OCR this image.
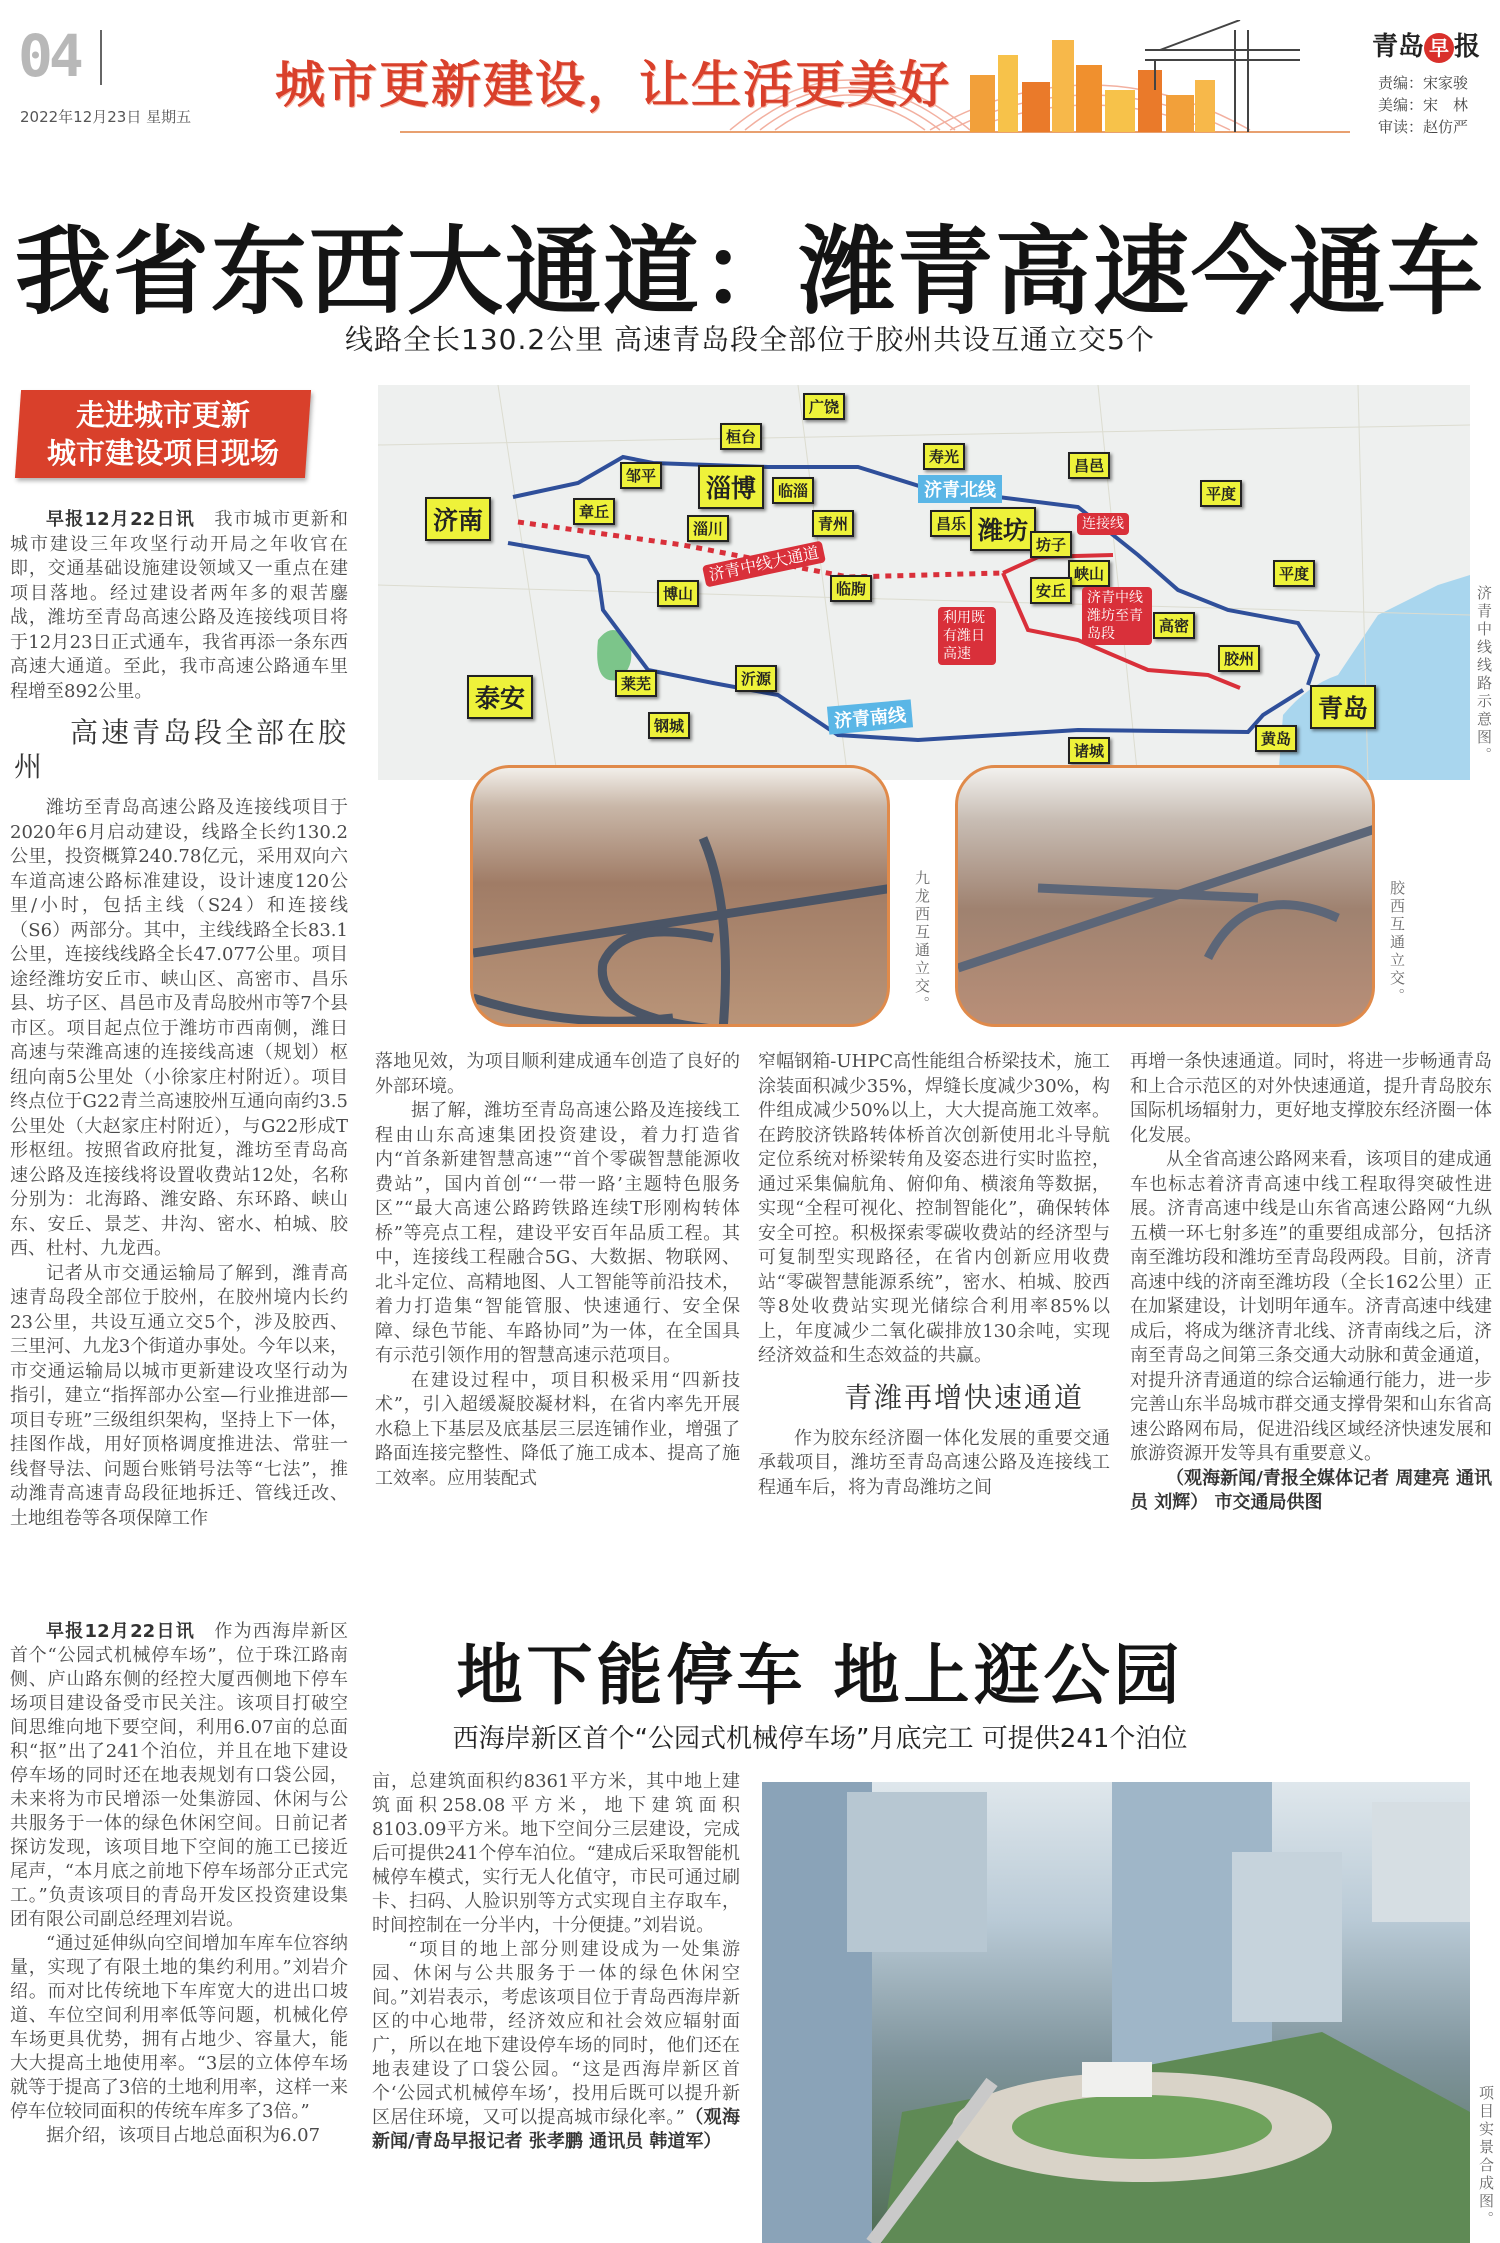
04
2022年12月23日 星期五
城市更新建设，让生活更美好
青岛 早 报
责编：宋家骏
美编：宋　林
审读：赵仿严
我省东西大通道：潍青高速今通车
线路全长130.2公里 高速青岛段全部位于胶州共设互通立交5个
走进城市更新
城市建设项目现场

早报12月22日讯　 我市城市更新和城市建设三年攻坚行动开局之年收官在即，交通基础设施建设领域又一重点在建项目落地。经过建设者两年多的艰苦鏖战，潍坊至青岛高速公路及连接线项目将于12月23日正式通车，我省再添一条东西高速大通道。至此，我市高速公路通车里程增至892公里。

高速青岛段全部在胶州

潍坊至青岛高速公路及连接线项目于2020年6月启动建设，线路全长约130.2公里，投资概算240.78亿元，采用双向六车道高速公路标准建设，设计速度120公里/小时，包括主线（S24）和连接线（S6）两部分。其中，主线线路全长83.1公里，连接线线路全长47.077公里。项目途经潍坊安丘市、峡山区、高密市、昌乐县、坊子区、昌邑市及青岛胶州市等7个县市区。项目起点位于潍坊市西南侧，潍日高速与荣潍高速的连接线高速（规划）枢纽向南5公里处（小徐家庄村附近）。项目终点位于G22青兰高速胶州互通向南约3.5公里处（大赵家庄村附近），与G22形成T形枢纽。按照省政府批复，潍坊至青岛高速公路及连接线将设置收费站12处，名称分别为：北海路、潍安路、东环路、峡山东、安丘、景芝、井沟、密水、柏城、胶西、杜村、九龙西。

记者从市交通运输局了解到，潍青高速青岛段全部位于胶州，在胶州境内长约23公里，共设互通立交5个，涉及胶西、三里河、九龙3个街道办事处。今年以来，市交通运输局以城市更新建设攻坚行动为指引，建立“指挥部办公室—行业推进部—项目专班”三级组织架构，坚持上下一体，挂图作战，用好顶格调度推进法、常驻一线督导法、问题台账销号法等“七法”，推动潍青高速青岛段征地拆迁、管线迁改、土地组卷等各项保障工作

济南
泰安
章丘
邹平	淄博
桓台
广饶
临淄
淄川	青州
博山	临朐
莱芜	沂源
钢城
寿光
昌乐 潍坊 坊子
昌邑
平度
峡山
安丘
平度
高密
胶州
青岛
黄岛
诸城
济青北线
济青南线
济青中线大通道
连接线
济青中线潍坊至青岛段
利用既有潍日高速	济青中线线路示意图。
九龙西互通立交。	胶西互通立交。

落地见效，为项目顺利建成通车创造了良好的外部环境。

据了解，潍坊至青岛高速公路及连接线工程由山东高速集团投资建设，着力打造省内“首条新建智慧高速”“首个零碳智慧能源收费站”，国内首创“‘一带一路’主题特色服务区”“最大高速公路跨铁路连续T形刚构转体桥”等亮点工程，建设平安百年品质工程。其中，连接线工程融合5G、大数据、物联网、北斗定位、高精地图、人工智能等前沿技术，着力打造集“智能管服、快速通行、安全保障、绿色节能、车路协同”为一体，在全国具有示范引领作用的智慧高速示范项目。

在建设过程中，项目积极采用“四新技术”，引入超缓凝胶凝材料，在省内率先开展水稳上下基层及底基层三层连铺作业，增强了路面连接完整性、降低了施工成本、提高了施工效率。应用装配式

窄幅钢箱-UHPC高性能组合桥梁技术，施工涂装面积减少35%，焊缝长度减少30%，构件组成减少50%以上，大大提高施工效率。在跨胶济铁路转体桥首次创新使用北斗导航定位系统对桥梁转角及姿态进行实时监控，通过采集偏航角、俯仰角、横滚角等数据，实现“全程可视化、控制智能化”，确保转体安全可控。积极探索零碳收费站的经济型与可复制型实现路径，在省内创新应用收费站“零碳智慧能源系统”，密水、柏城、胶西等8处收费站实现光储综合利用率85%以上，年度减少二氧化碳排放130余吨，实现经济效益和生态效益的共赢。

青潍再增快速通道

作为胶东经济圈一体化发展的重要交通承载项目，潍坊至青岛高速公路及连接线工程通车后，将为青岛潍坊之间

再增一条快速通道。同时，将进一步畅通青岛和上合示范区的对外快速通道，提升青岛胶东国际机场辐射力，更好地支撑胶东经济圈一体化发展。

从全省高速公路网来看，该项目的建成通车也标志着济青高速中线工程取得突破性进展。济青高速中线是山东省高速公路网“九纵五横一环七射多连”的重要组成部分，包括济南至潍坊段和潍坊至青岛段两段。目前，济青高速中线的济南至潍坊段（全长162公里）正在加紧建设，计划明年通车。济青高速中线建成后，将成为继济青北线、济青南线之后，济南至青岛之间第三条交通大动脉和黄金通道，对提升济青通道的综合运输通行能力，进一步完善山东半岛城市群交通支撑骨架和山东省高速公路网布局，促进沿线区域经济快速发展和旅游资源开发等具有重要意义。

（观海新闻/青报全媒体记者 周建亮 通讯员 刘辉） 市交通局供图

地下能停车 地上逛公园
西海岸新区首个“公园式机械停车场”月底完工 可提供241个泊位

早报12月22日讯　 作为西海岸新区首个“公园式机械停车场”，位于珠江路南侧、庐山路东侧的经控大厦西侧地下停车场项目建设备受市民关注。该项目打破空间思维向地下要空间，利用6.07亩的总面积“抠”出了241个泊位，并且在地下建设停车场的同时还在地表规划有口袋公园，未来将为市民增添一处集游园、休闲与公共服务于一体的绿色休闲空间。日前记者探访发现，该项目地下空间的施工已接近尾声，“本月底之前地下停车场部分正式完工。”负责该项目的青岛开发区投资建设集团有限公司副总经理刘岩说。

“通过延伸纵向空间增加车库车位容纳量，实现了有限土地的集约利用。”刘岩介绍。而对比传统地下车库宽大的进出口坡道、车位空间利用率低等问题，机械化停车场更具优势，拥有占地少、容量大，能大大提高土地使用率。“3层的立体停车场就等于提高了3倍的土地利用率，这样一来停车位较同面积的传统车库多了3倍。”

据介绍，该项目占地总面积为6.07

亩，总建筑面积约8361平方米，其中地上建筑面积258.08平方米，地下建筑面积8103.09平方米。地下空间分三层建设，完成后可提供241个停车泊位。“建成后采取智能机械停车模式，实行无人化值守，市民可通过刷卡、扫码、人脸识别等方式实现自主存取车，时间控制在一分半内，十分便捷。”刘岩说。

“项目的地上部分则建设成为一处集游园、休闲与公共服务于一体的绿色休闲空间。”刘岩表示，考虑该项目位于青岛西海岸新区的中心地带，经济效应和社会效应辐射面广，所以在地下建设停车场的同时，他们还在地表建设了口袋公园。“这是西海岸新区首个‘公园式机械停车场’，投用后既可以提升新区居住环境，又可以提高城市绿化率。”（观海新闻/青岛早报记者 张孝鹏 通讯员 韩道军）	项目实景合成图。
